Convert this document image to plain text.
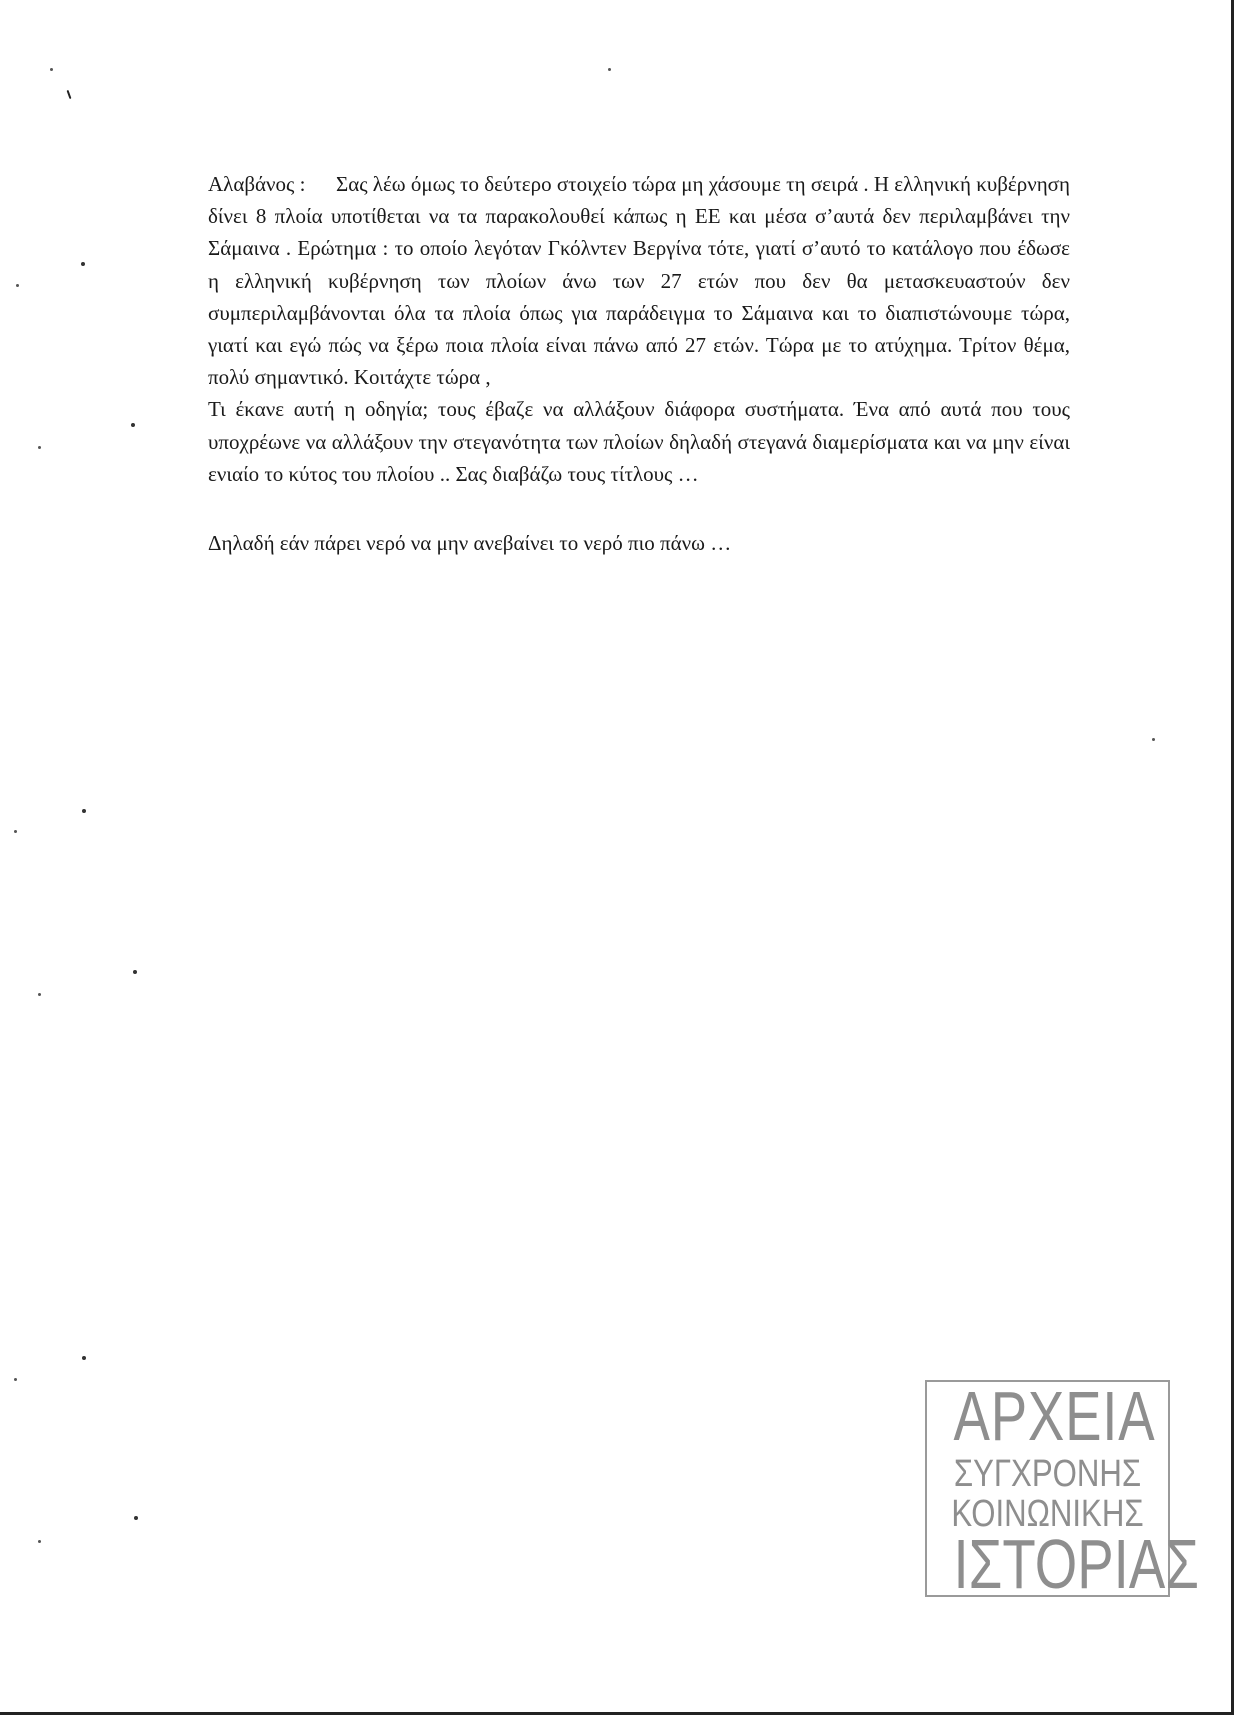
Αλαβάνος : Σας λέω όμως το δεύτερο στοιχείο τώρα μη χάσουμε τη σειρά . Η ελληνική κυβέρνηση δίνει 8 πλοία υποτίθεται να τα παρακολουθεί κάπως η ΕΕ και μέσα σ’αυτά δεν περιλαμβάνει την Σάμαινα . Ερώτημα : το οποίο λεγόταν Γκόλντεν Βεργίνα τότε, γιατί σ’αυτό το κατάλογο που έδωσε η ελληνική κυβέρνηση των πλοίων άνω των 27 ετών που δεν θα μετασκευαστούν δεν συμπεριλαμβάνονται όλα τα πλοία όπως για παράδειγμα το Σάμαινα και το διαπιστώνουμε τώρα, γιατί και εγώ πώς να ξέρω ποια πλοία είναι πάνω από 27 ετών. Τώρα με το ατύχημα. Τρίτον θέμα, πολύ σημαντικό. Κοιτάχτε τώρα ,

Τι έκανε αυτή η οδηγία; τους έβαζε να αλλάξουν διάφορα συστήματα. Ένα από αυτά που τους υποχρέωνε να αλλάξουν την στεγανότητα των πλοίων δηλαδή στεγανά διαμερίσματα και να μην είναι ενιαίο το κύτος του πλοίου .. Σας διαβάζω τους τίτλους …

Δηλαδή εάν πάρει νερό να μην ανεβαίνει το νερό πιο πάνω …

ΑΡΧΕΙΑ
ΣΥΓΧΡΟΝΗΣ
ΚΟΙΝΩΝΙΚΗΣ
ΙΣΤΟΡΙΑΣ
